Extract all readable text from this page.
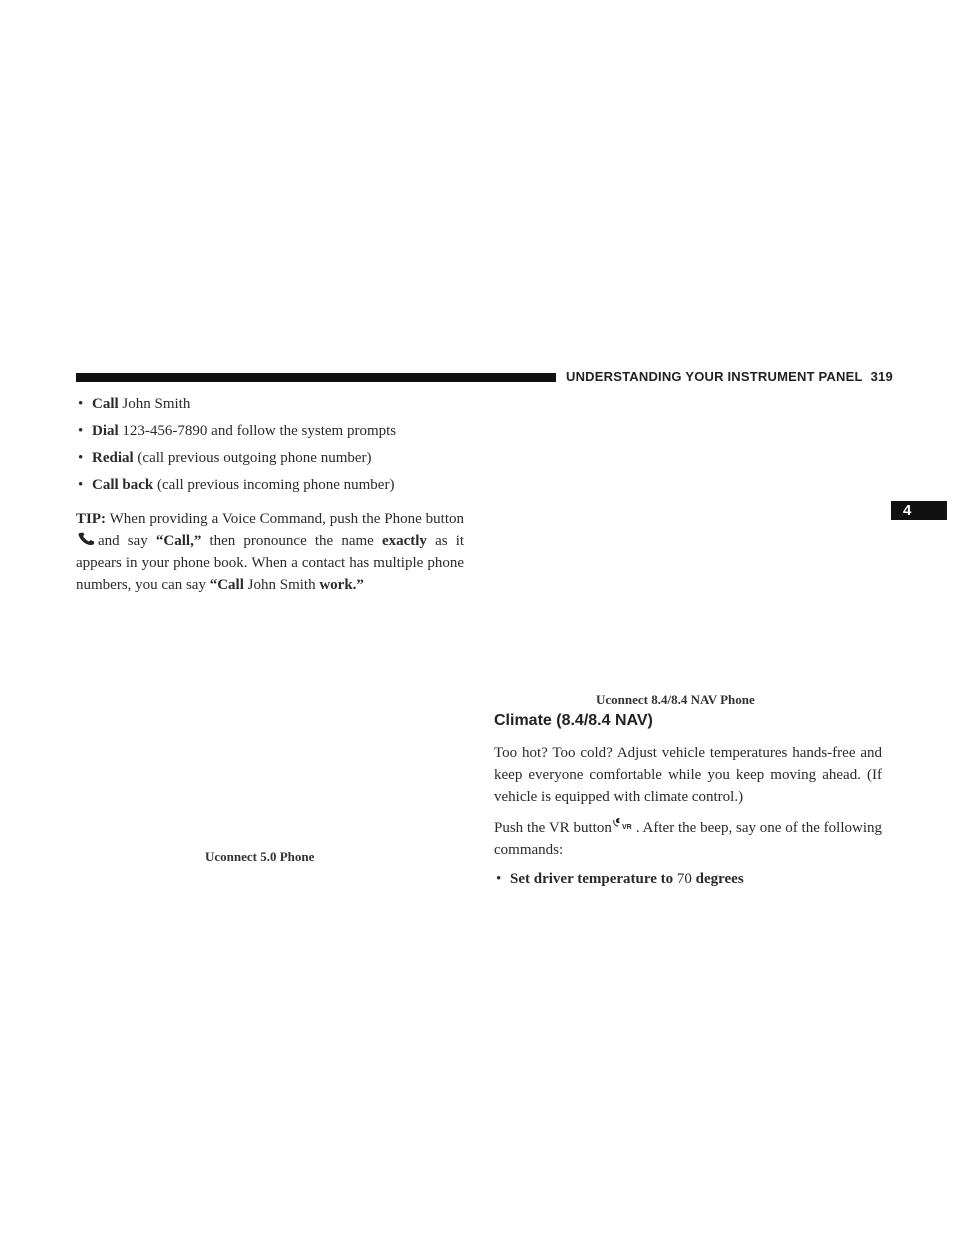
UNDERSTANDING YOUR INSTRUMENT PANEL 319
4
• Call John Smith
• Dial 123-456-7890 and follow the system prompts
• Redial (call previous outgoing phone number)
• Call back (call previous incoming phone number)
TIP: When providing a Voice Command, push the Phone buttonand say “Call,” then pronounce the name exactly as it appears in your phone book. When a contact has multiple phone numbers, you can say “Call John Smith work.”
Uconnect 5.0 Phone
Uconnect 8.4/8.4 NAV Phone
Climate (8.4/8.4 NAV)

Too hot? Too cold? Adjust vehicle temperatures hands-free and keep everyone comfortable while you keep moving ahead. (If vehicle is equipped with climate control.)

Push the VR button VR . After the beep, say one of the following commands:

• Set driver temperature to 70 degrees
